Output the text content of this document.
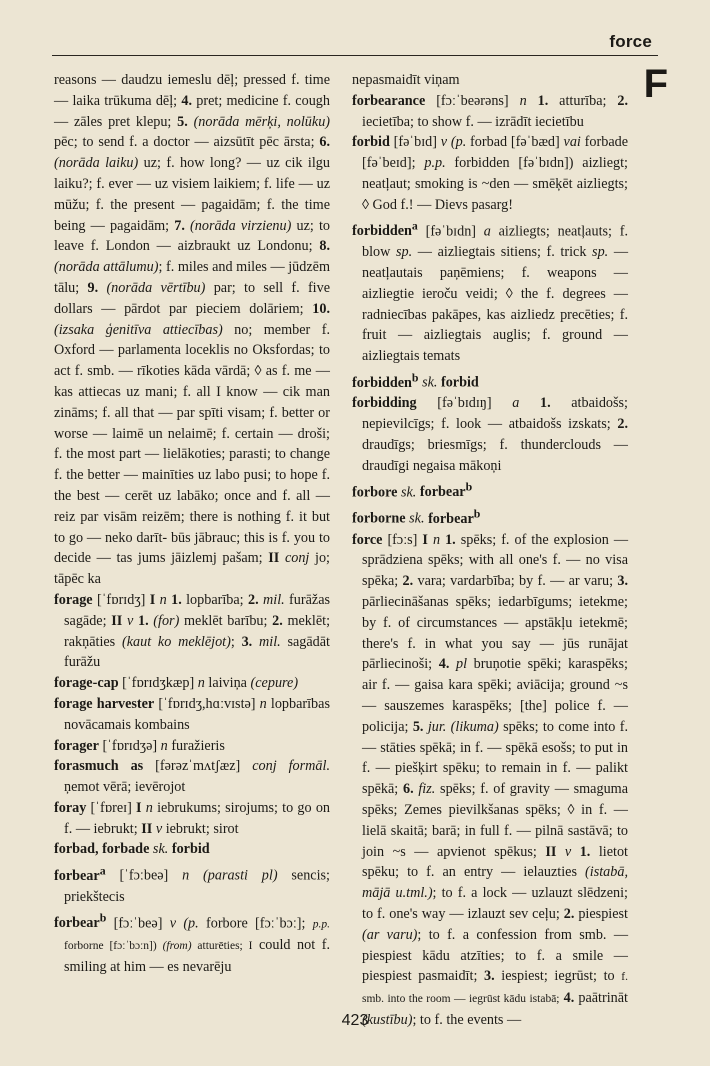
force
F

reasons — daudzu iemeslu dēļ; pressed f. time — laika trūkuma dēļ; 4. pret; medicine f. cough — zāles pret klepu; 5. (norāda mērķi, nolūku) pēc; to send f. a doctor — aizsūtīt pēc ārsta; 6. (norāda laiku) uz; f. how long? — uz cik ilgu laiku?; f. ever — uz visiem laikiem; f. life — uz mūžu; f. the present — pagaidām; f. the time being — pagaidām; 7. (norāda virzienu) uz; to leave f. London — aizbraukt uz Londonu; 8. (norāda attālumu); f. miles and miles — jūdzēm tālu; 9. (norāda vērtību) par; to sell f. five dollars — pārdot par pieciem dolāriem; 10. (izsaka ģenitīva attiecības) no; member f. Oxford — parlamenta loceklis no Oksfordas; to act f. smb. — rīkoties kāda vārdā; ◊ as f. me — kas attiecas uz mani; f. all I know — cik man zināms; f. all that — par spīti visam; f. better or worse — laimē un nelaimē; f. certain — droši; f. the most part — lielākoties; parasti; to change f. the better — mainīties uz labo pusi; to hope f. the best — cerēt uz labāko; once and f. all — reiz par visām reizēm; there is nothing f. it but to go — neko darīt- būs jābrauc; this is f. you to decide — tas jums jāizlemj pašam; II conj jo; tāpēc ka

forage [ˈfɒrɪdʒ] I n 1. lopbarība; 2. mil. furāžas sagāde; II v 1. (for) meklēt barību; 2. meklēt; rakņāties (kaut ko meklējot); 3. mil. sagādāt furāžu

forage-cap [ˈfɒrɪdʒkæp] n laiviņa (cepure)

forage harvester [ˈfɒrɪdʒ,hɑːvɪstə] n lopbarības novācamais kombains

forager [ˈfɒrɪdʒə] n furažieris

forasmuch as [fərəzˈmʌtʃæz] conj formāl. ņemot vērā; ievērojot

foray [ˈfɒreɪ] I n iebrukums; sirojums; to go on f. — iebrukt; II v iebrukt; sirot

forbad, forbade sk. forbid

forbear$^a$ [ˈfɔːbeə] n (parasti pl) sencis; priekštecis

forbear$^b$ [fɔːˈbeə] v (p. forbore [fɔːˈbɔː]; p.p. forborne [fɔːˈbɔːn]) (from) atturēties; I could not f. smiling at him — es nevarēju

nepasmaidīt viņam

forbearance [fɔːˈbeərəns] n 1. atturība; 2. iecietība; to show f. — izrādīt iecietību

forbid [fəˈbɪd] v (p. forbad [fəˈbæd] vai forbade [fəˈbeɪd]; p.p. forbidden [fəˈbɪdn]) aizliegt; neatļaut; smoking is ~den — smēķēt aizliegts; ◊ God f.! — Dievs pasarg!

forbidden$^a$ [fəˈbɪdn] a aizliegts; neatļauts; f. blow sp. — aizliegtais sitiens; f. trick sp. — neatļautais paņēmiens; f. weapons — aizliegtie ieroču veidi; ◊ the f. degrees — radniecības pakāpes, kas aizliedz precēties; f. fruit — aizliegtais auglis; f. ground — aizliegtais temats

forbidden$^b$ sk. forbid

forbidding [fəˈbɪdɪŋ] a 1. atbaidošs; nepievilcīgs; f. look — atbaidošs izskats; 2. draudīgs; briesmīgs; f. thunderclouds — draudīgi negaisa mākoņi

forbore sk. forbear$^b$

forborne sk. forbear$^b$

force [fɔːs] I n 1. spēks; f. of the explosion — sprādziena spēks; with all one's f. — no visa spēka; 2. vara; vardarbība; by f. — ar varu; 3. pārliecināšanas spēks; iedarbīgums; ietekme; by f. of circumstances — apstākļu ietekmē; there's f. in what you say — jūs runājat pārliecinoši; 4. pl bruņotie spēki; karaspēks; air f. — gaisa kara spēki; aviācija; ground ~s — sauszemes karaspēks; [the] police f. — policija; 5. jur. (likuma) spēks; to come into f. — stāties spēkā; in f. — spēkā esošs; to put in f. — piešķirt spēku; to remain in f. — palikt spēkā; 6. fiz. spēks; f. of gravity — smaguma spēks; Zemes pievilkšanas spēks; ◊ in f. — lielā skaitā; barā; in full f. — pilnā sastāvā; to join ~s — apvienot spēkus; II v 1. lietot spēku; to f. an entry — ielauzties (istabā, mājā u.tml.); to f. a lock — uzlauzt slēdzeni; to f. one's way — izlauzt sev ceļu; 2. piespiest (ar varu); to f. a confession from smb. — piespiest kādu atzīties; to f. a smile — piespiest pasmaidīt; 3. iespiest; iegrūst; to f. smb. into the room — iegrūst kādu istabā; 4. paātrināt (kustību); to f. the events —

423
